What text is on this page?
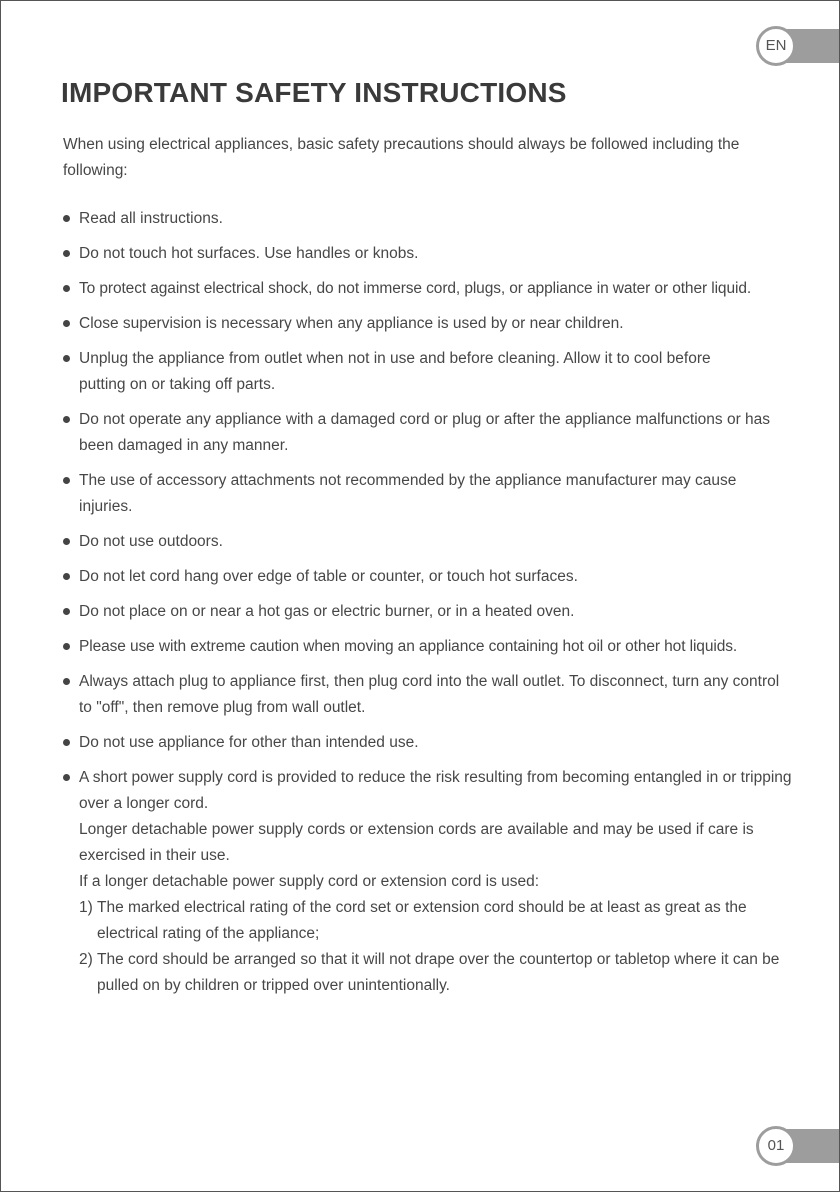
EN
IMPORTANT SAFETY INSTRUCTIONS

When using electrical appliances, basic safety precautions should always be followed including the following:

Read all instructions.
Do not touch hot surfaces. Use handles or knobs.
To protect against electrical shock, do not immerse cord, plugs, or appliance in water or other liquid.
Close supervision is necessary when any appliance is used by or near children.
Unplug the appliance from outlet when not in use and before cleaning. Allow it to cool before putting on or taking off parts.
Do not operate any appliance with a damaged cord or plug or after the appliance malfunctions or has been damaged in any manner.
The use of accessory attachments not recommended by the appliance manufacturer may cause injuries.
Do not use outdoors.
Do not let cord hang over edge of table or counter, or touch hot surfaces.
Do not place on or near a hot gas or electric burner, or in a heated oven.
Please use with extreme caution when moving an appliance containing hot oil or other hot liquids.
Always attach plug to appliance first, then plug cord into the wall outlet. To disconnect, turn any control to "off", then remove plug from wall outlet.
Do not use appliance for other than intended use.
A short power supply cord is provided to reduce the risk resulting from becoming entangled in or tripping over a longer cord.
Longer detachable power supply cords or extension cords are available and may be used if care is exercised in their use.
If a longer detachable power supply cord or extension cord is used:
1) The marked electrical rating of the cord set or extension cord should be at least as great as the electrical rating of the appliance;
2) The cord should be arranged so that it will not drape over the countertop or tabletop where it can be pulled on by children or tripped over unintentionally.
01
